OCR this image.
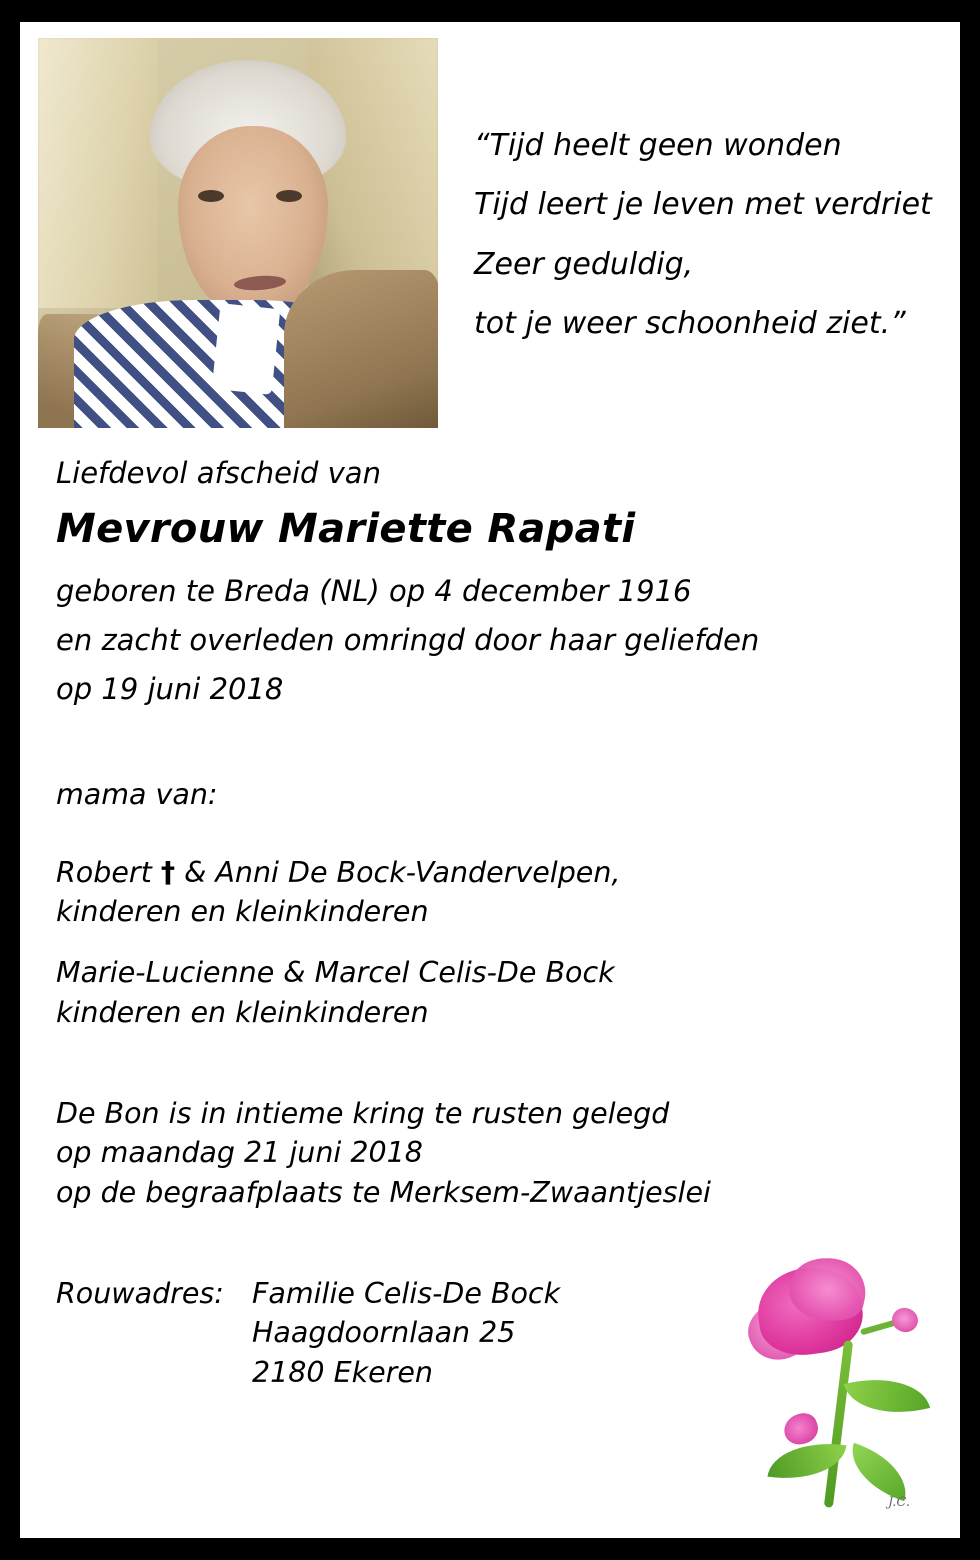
“Tijd heelt geen wonden
Tijd leert je leven met verdriet
Zeer geduldig,
tot je weer schoonheid ziet.”
Liefdevol afscheid van
Mevrouw Mariette Rapati
geboren te Breda (NL) op 4 december 1916
en zacht overleden omringd door haar geliefden
op 19 juni 2018
mama van:
Robert † & Anni De Bock-Vandervelpen,
kinderen en kleinkinderen
Marie-Lucienne & Marcel Celis-De Bock
kinderen en kleinkinderen
De Bon is in intieme kring te rusten gelegd
op maandag 21 juni 2018
op de begraafplaats te Merksem-Zwaantjeslei
Rouwadres: Familie Celis-De Bock
Haagdoornlaan 25
2180 Ekeren
J.C.
